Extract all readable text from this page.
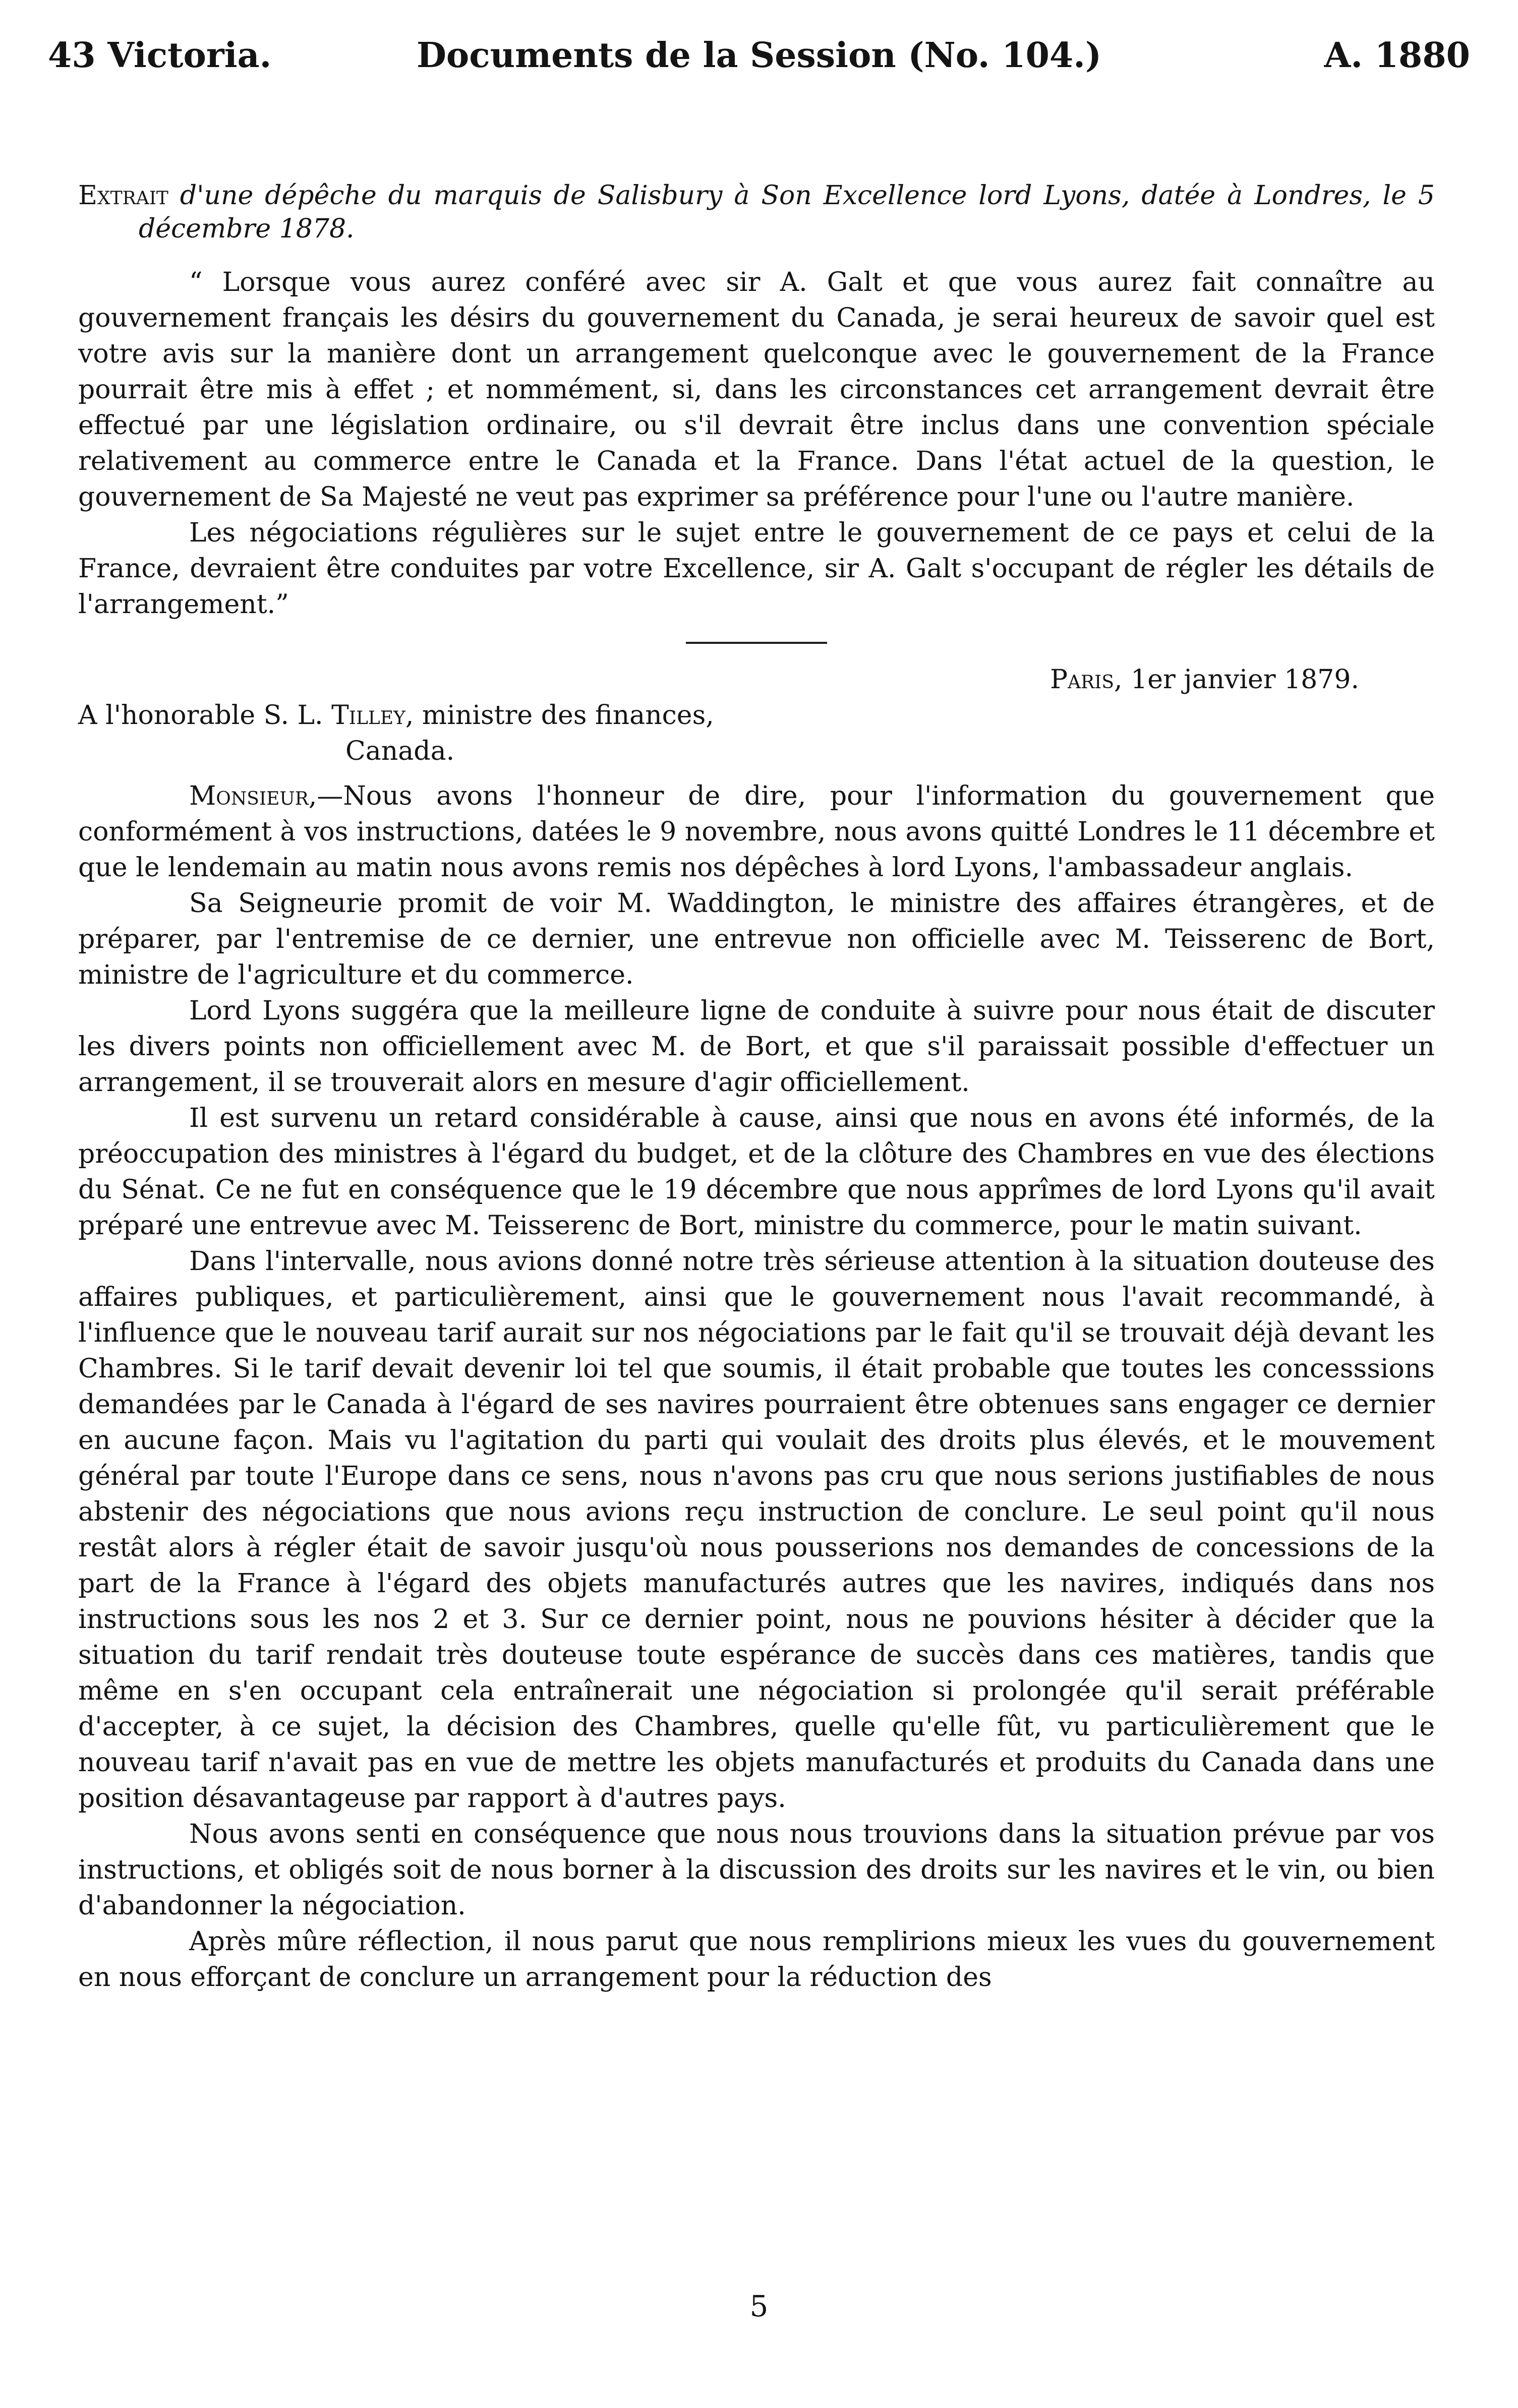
43 Victoria.	Documents de la Session (No. 104.)	A. 1880

Extrait d'une dépêche du marquis de Salisbury à Son Excellence lord Lyons, datée à Londres, le 5 décembre 1878.

“ Lorsque vous aurez conféré avec sir A. Galt et que vous aurez fait connaître au gouvernement français les désirs du gouvernement du Canada, je serai heureux de savoir quel est votre avis sur la manière dont un arrangement quelconque avec le gouvernement de la France pourrait être mis à effet ; et nommément, si, dans les circonstances cet arrangement devrait être effectué par une législation ordinaire, ou s'il devrait être inclus dans une convention spéciale relativement au commerce entre le Canada et la France. Dans l'état actuel de la question, le gouvernement de Sa Majesté ne veut pas exprimer sa préférence pour l'une ou l'autre manière.

Les négociations régulières sur le sujet entre le gouvernement de ce pays et celui de la France, devraient être conduites par votre Excellence, sir A. Galt s'occupant de régler les détails de l'arrangement.”

Paris, 1er janvier 1879.

A l'honorable S. L. Tilley, ministre des finances,
Canada.

Monsieur,—Nous avons l'honneur de dire, pour l'information du gouvernement que conformément à vos instructions, datées le 9 novembre, nous avons quitté Londres le 11 décembre et que le lendemain au matin nous avons remis nos dépêches à lord Lyons, l'ambassadeur anglais.

Sa Seigneurie promit de voir M. Waddington, le ministre des affaires étrangères, et de préparer, par l'entremise de ce dernier, une entrevue non officielle avec M. Teisserenc de Bort, ministre de l'agriculture et du commerce.

Lord Lyons suggéra que la meilleure ligne de conduite à suivre pour nous était de discuter les divers points non officiellement avec M. de Bort, et que s'il paraissait possible d'effectuer un arrangement, il se trouverait alors en mesure d'agir officiellement.

Il est survenu un retard considérable à cause, ainsi que nous en avons été informés, de la préoccupation des ministres à l'égard du budget, et de la clôture des Chambres en vue des élections du Sénat. Ce ne fut en conséquence que le 19 décembre que nous apprîmes de lord Lyons qu'il avait préparé une entrevue avec M. Teisserenc de Bort, ministre du commerce, pour le matin suivant.

Dans l'intervalle, nous avions donné notre très sérieuse attention à la situation douteuse des affaires publiques, et particulièrement, ainsi que le gouvernement nous l'avait recommandé, à l'influence que le nouveau tarif aurait sur nos négociations par le fait qu'il se trouvait déjà devant les Chambres. Si le tarif devait devenir loi tel que soumis, il était probable que toutes les concesssions demandées par le Canada à l'égard de ses navires pourraient être obtenues sans engager ce dernier en aucune façon. Mais vu l'agitation du parti qui voulait des droits plus élevés, et le mouvement général par toute l'Europe dans ce sens, nous n'avons pas cru que nous serions justifiables de nous abstenir des négociations que nous avions reçu instruction de conclure. Le seul point qu'il nous restât alors à régler était de savoir jusqu'où nous pousserions nos demandes de concessions de la part de la France à l'égard des objets manufacturés autres que les navires, indiqués dans nos instructions sous les nos 2 et 3. Sur ce dernier point, nous ne pouvions hésiter à décider que la situation du tarif rendait très douteuse toute espérance de succès dans ces matières, tandis que même en s'en occupant cela entraînerait une négociation si prolongée qu'il serait préférable d'accepter, à ce sujet, la décision des Chambres, quelle qu'elle fût, vu particulièrement que le nouveau tarif n'avait pas en vue de mettre les objets manufacturés et produits du Canada dans une position désavantageuse par rapport à d'autres pays.

Nous avons senti en conséquence que nous nous trouvions dans la situation prévue par vos instructions, et obligés soit de nous borner à la discussion des droits sur les navires et le vin, ou bien d'abandonner la négociation.

Après mûre réflection, il nous parut que nous remplirions mieux les vues du gouvernement en nous efforçant de conclure un arrangement pour la réduction des

5
